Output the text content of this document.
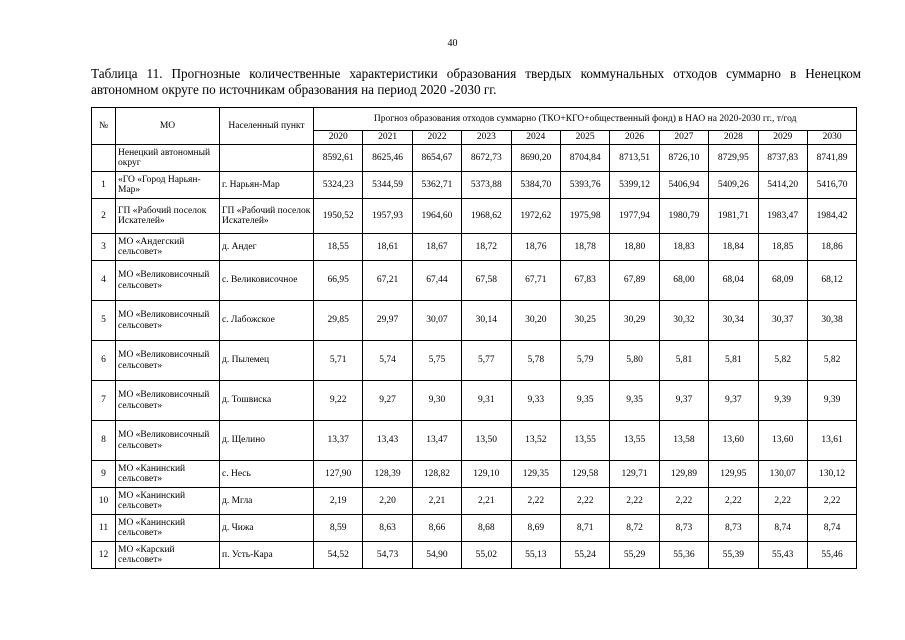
40
Таблица 11. Прогнозные количественные характеристики образования твердых коммунальных отходов суммарно в Ненецком автономном округе по источникам образования на период 2020 -2030 гг.
№	МО	Населенный пункт	Прогноз образования отходов суммарно (ТКО+КГО+общественный фонд) в НАО на 2020-2030 гг., т/год										
			2020	2021	2022	2023	2024	2025	2026	2027	2028	2029	2030
	Ненецкий автономный округ		8592,61	8625,46	8654,67	8672,73	8690,20	8704,84	8713,51	8726,10	8729,95	8737,83	8741,89
1	«ГО «Город Нарьян-Мар»	г. Нарьян-Мар	5324,23	5344,59	5362,71	5373,88	5384,70	5393,76	5399,12	5406,94	5409,26	5414,20	5416,70
2	ГП «Рабочий поселок Искателей»	ГП «Рабочий поселок Искателей»	1950,52	1957,93	1964,60	1968,62	1972,62	1975,98	1977,94	1980,79	1981,71	1983,47	1984,42
3	МО «Андегский сельсовет»	д. Андег	18,55	18,61	18,67	18,72	18,76	18,78	18,80	18,83	18,84	18,85	18,86
4	МО «Великовисочный сельсовет»	с. Великовисочное	66,95	67,21	67,44	67,58	67,71	67,83	67,89	68,00	68,04	68,09	68,12
5	МО «Великовисочный сельсовет»	с. Лабожское	29,85	29,97	30,07	30,14	30,20	30,25	30,29	30,32	30,34	30,37	30,38
6	МО «Великовисочный сельсовет»	д. Пылемец	5,71	5,74	5,75	5,77	5,78	5,79	5,80	5,81	5,81	5,82	5,82
7	МО «Великовисочный сельсовет»	д. Тошвиска	9,22	9,27	9,30	9,31	9,33	9,35	9,35	9,37	9,37	9,39	9,39
8	МО «Великовисочный сельсовет»	д. Щелино	13,37	13,43	13,47	13,50	13,52	13,55	13,55	13,58	13,60	13,60	13,61
9	МО «Канинский сельсовет»	с. Несь	127,90	128,39	128,82	129,10	129,35	129,58	129,71	129,89	129,95	130,07	130,12
10	МО «Канинский сельсовет»	д. Мгла	2,19	2,20	2,21	2,21	2,22	2,22	2,22	2,22	2,22	2,22	2,22
11	МО «Канинский сельсовет»	д. Чижа	8,59	8,63	8,66	8,68	8,69	8,71	8,72	8,73	8,73	8,74	8,74
12	МО «Карский сельсовет»	п. Усть-Кара	54,52	54,73	54,90	55,02	55,13	55,24	55,29	55,36	55,39	55,43	55,46
